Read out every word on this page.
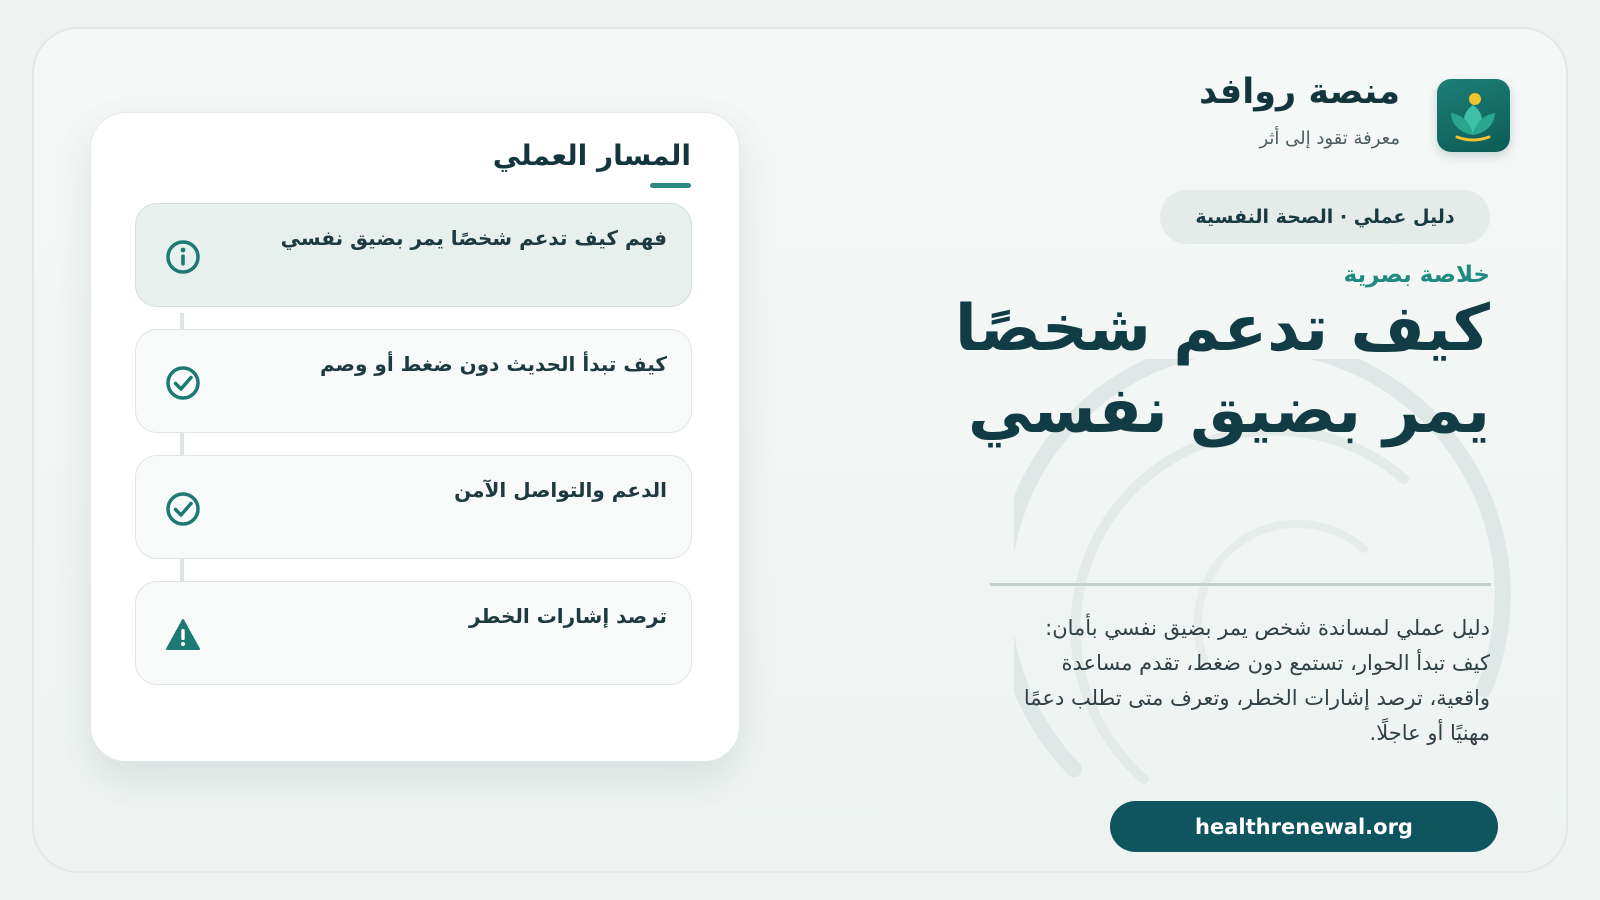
منصة روافد
معرفة تقود إلى أثر
دليل عملي · الصحة النفسية
خلاصة بصرية
كيف تدعم شخصًا يمر بضيق نفسي

دليل عملي لمساندة شخص يمر بضيق نفسي بأمان: كيف تبدأ الحوار، تستمع دون ضغط، تقدم مساعدة واقعية، ترصد إشارات الخطر، وتعرف متى تطلب دعمًا مهنيًا أو عاجلًا.

healthrenewal.org
المسار العملي
فهم كيف تدعم شخصًا يمر بضيق نفسي
كيف تبدأ الحديث دون ضغط أو وصم
الدعم والتواصل الآمن
ترصد إشارات الخطر
